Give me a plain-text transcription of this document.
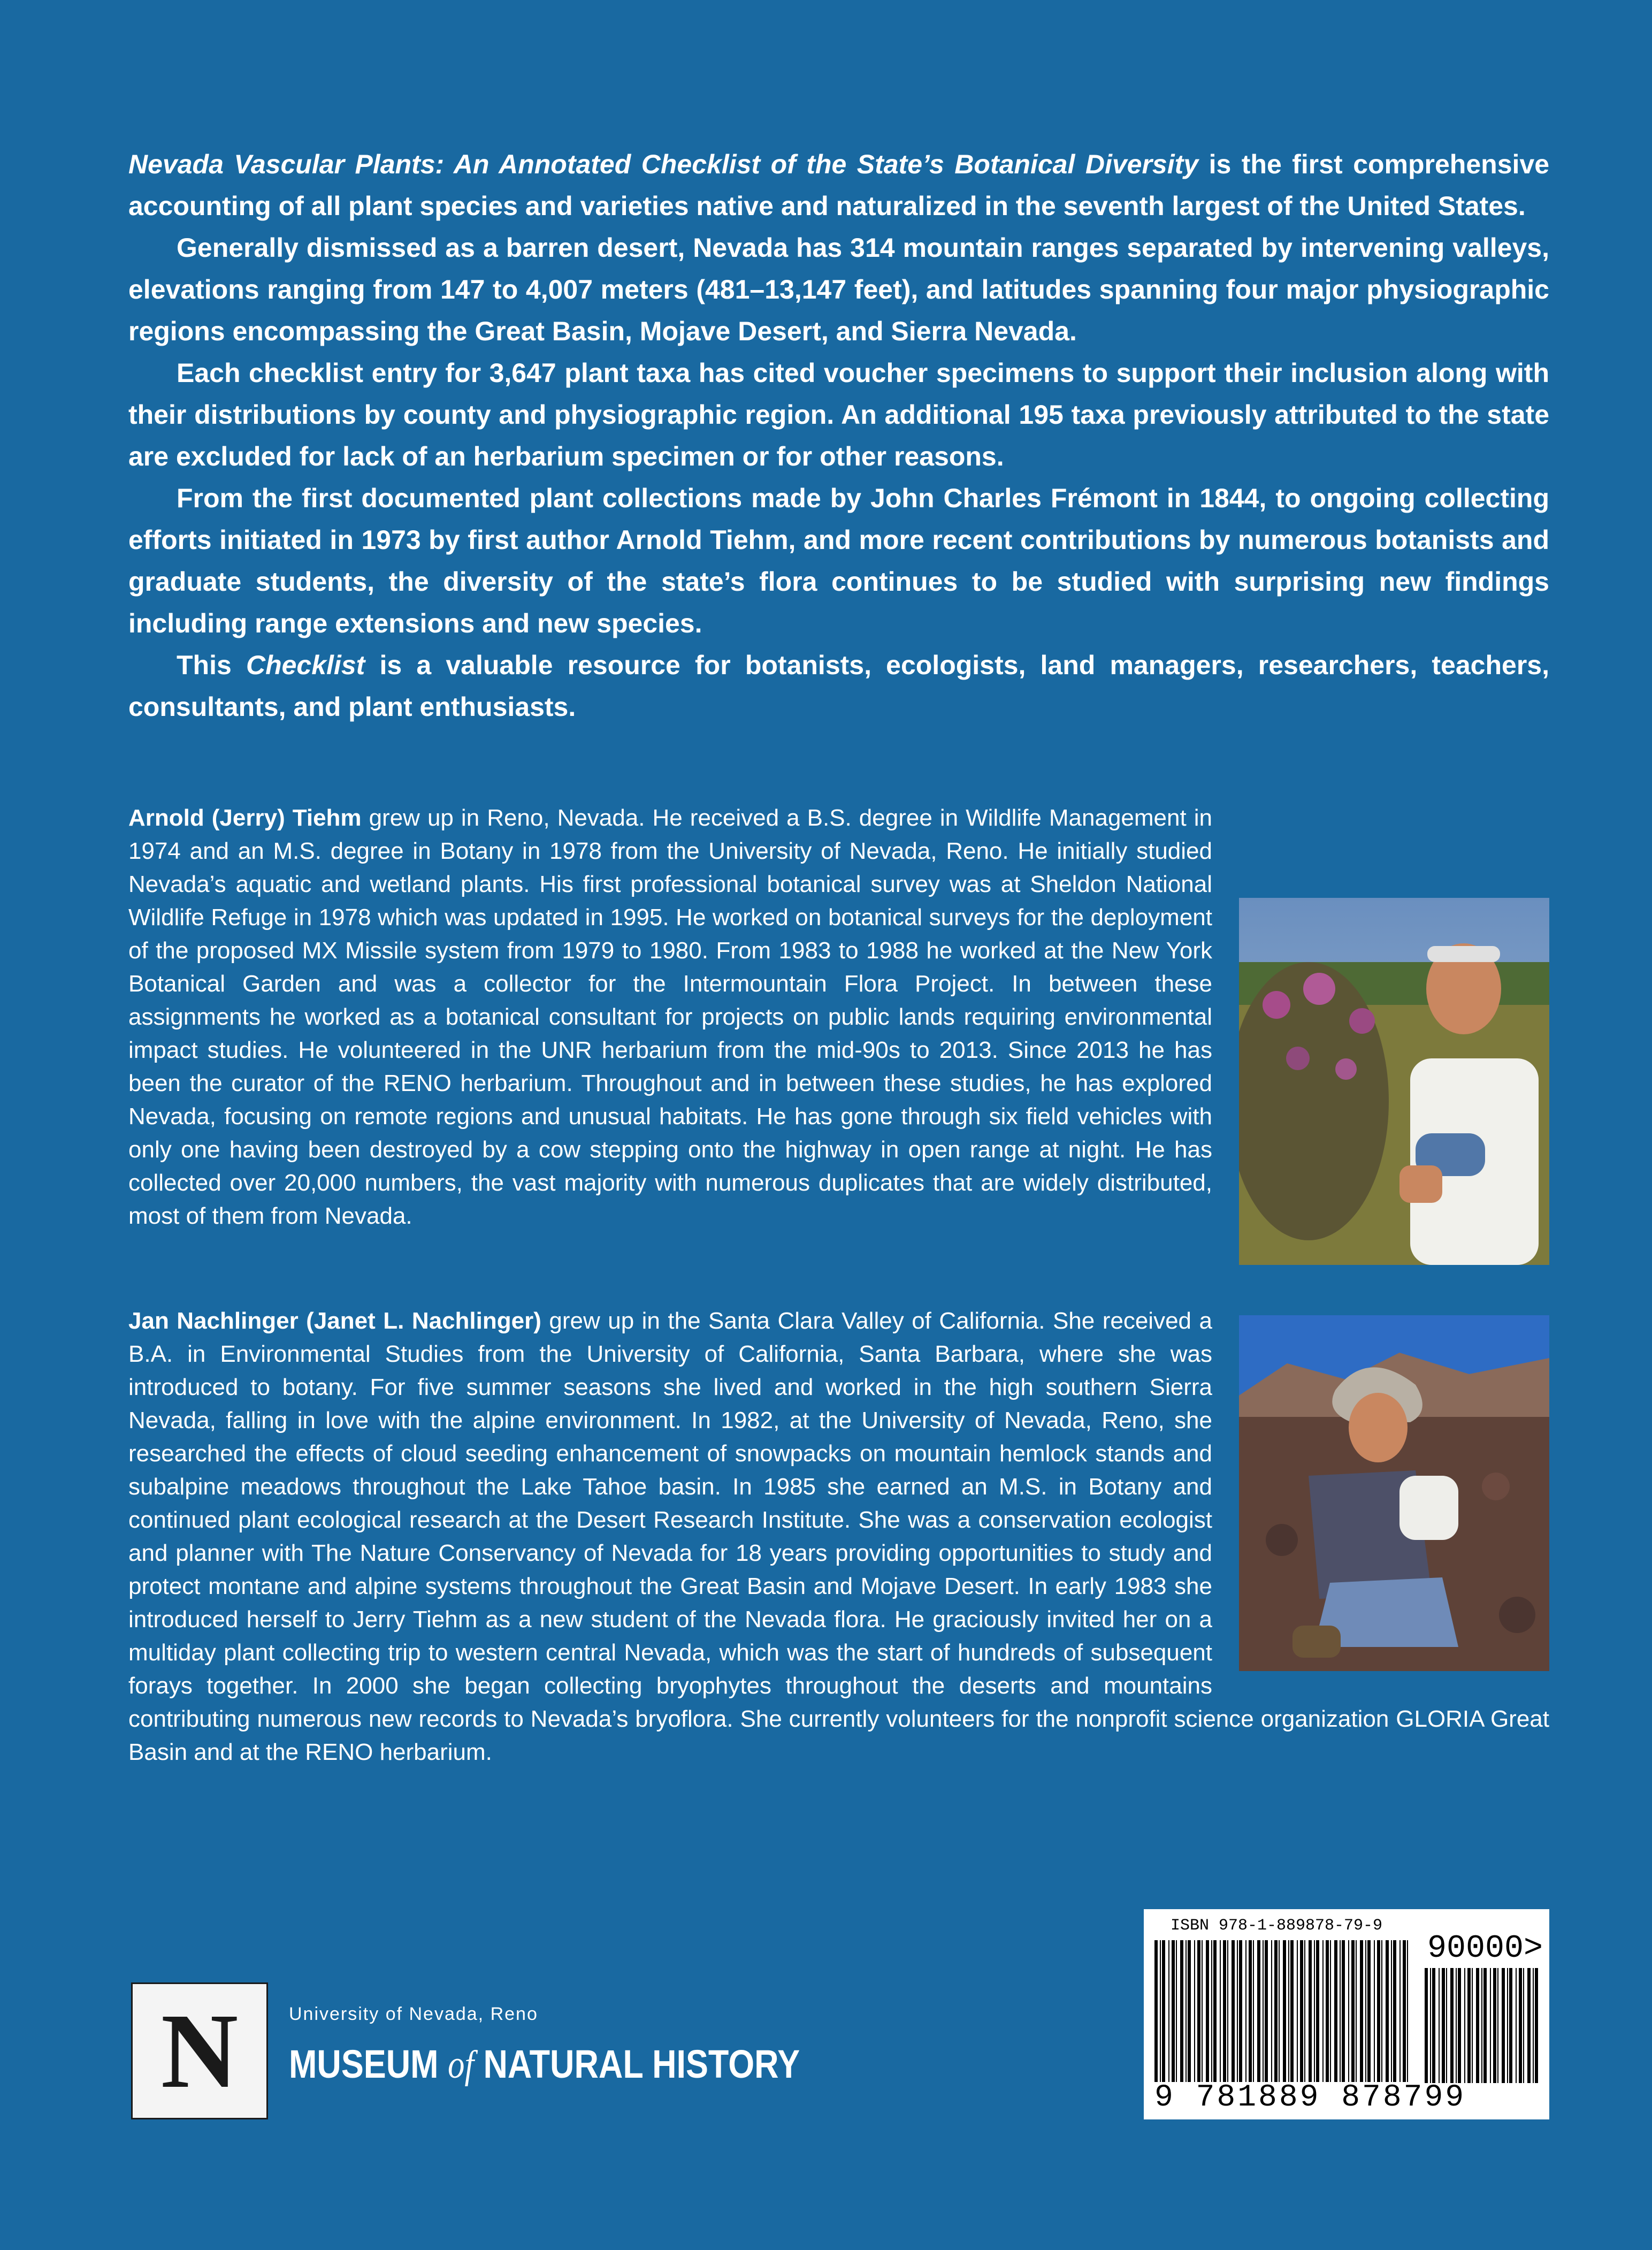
Nevada Vascular Plants: An Annotated Checklist of the State’s Botanical Diversity is the first comprehensive accounting of all plant species and varieties native and naturalized in the seventh largest of the United States.

Generally dismissed as a barren desert, Nevada has 314 mountain ranges separated by intervening valleys, elevations ranging from 147 to 4,007 meters (481–13,147 feet), and latitudes spanning four major physiographic regions encompassing the Great Basin, Mojave Desert, and Sierra Nevada.

Each checklist entry for 3,647 plant taxa has cited voucher specimens to support their inclusion along with their distributions by county and physiographic region. An additional 195 taxa previously attributed to the state are excluded for lack of an herbarium specimen or for other reasons.

From the first documented plant collections made by John Charles Frémont in 1844, to ongoing collecting efforts initiated in 1973 by first author Arnold Tiehm, and more recent contributions by numerous botanists and graduate students, the diversity of the state’s flora continues to be studied with surprising new findings including range extensions and new species.

This Checklist is a valuable resource for botanists, ecologists, land managers, researchers, teachers, consultants, and plant enthusiasts.

Arnold (Jerry) Tiehm grew up in Reno, Nevada. He received a B.S. degree in Wildlife Management in 1974 and an M.S. degree in Botany in 1978 from the University of Nevada, Reno. He initially studied Nevada’s aquatic and wetland plants. His first professional botanical survey was at Sheldon National Wildlife Refuge in 1978 which was updated in 1995. He worked on botanical surveys for the deployment of the proposed MX Missile system from 1979 to 1980. From 1983 to 1988 he worked at the New York Botanical Garden and was a collector for the Intermountain Flora Project. In between these assignments he worked as a botanical consultant for projects on public lands requiring environmental impact studies. He volunteered in the UNR herbarium from the mid-90s to 2013. Since 2013 he has been the curator of the RENO herbarium. Throughout and in between these studies, he has explored Nevada, focusing on remote regions and unusual habitats. He has gone through six field vehicles with only one having been destroyed by a cow stepping onto the highway in open range at night. He has collected over 20,000 numbers, the vast majority with numerous duplicates that are widely distributed, most of them from Nevada.
Jan Nachlinger (Janet L. Nachlinger) grew up in the Santa Clara Valley of California. She received a B.A. in Environmental Studies from the University of California, Santa Barbara, where she was introduced to botany. For five summer seasons she lived and worked in the high southern Sierra Nevada, falling in love with the alpine environment. In 1982, at the University of Nevada, Reno, she researched the effects of cloud seeding enhancement of snowpacks on mountain hemlock stands and subalpine meadows throughout the Lake Tahoe basin. In 1985 she earned an M.S. in Botany and continued plant ecological research at the Desert Research Institute. She was a conservation ecologist and planner with The Nature Conservancy of Nevada for 18 years providing opportunities to study and protect montane and alpine systems throughout the Great Basin and Mojave Desert. In early 1983 she introduced herself to Jerry Tiehm as a new student of the Nevada flora. He graciously invited her on a multiday plant collecting trip to western central Nevada, which was the start of hundreds of subsequent forays together. In 2000 she began collecting bryophytes throughout the deserts and mountains contributing numerous new records to Nevada’s bryoflora. She currently volunteers for the nonprofit science organization GLORIA Great Basin and at the RENO herbarium.
N	University of Nevada, Reno
MUSEUM of NATURAL HISTORY
ISBN 978-1-889878-79-9
90000>
9 781889 878799
